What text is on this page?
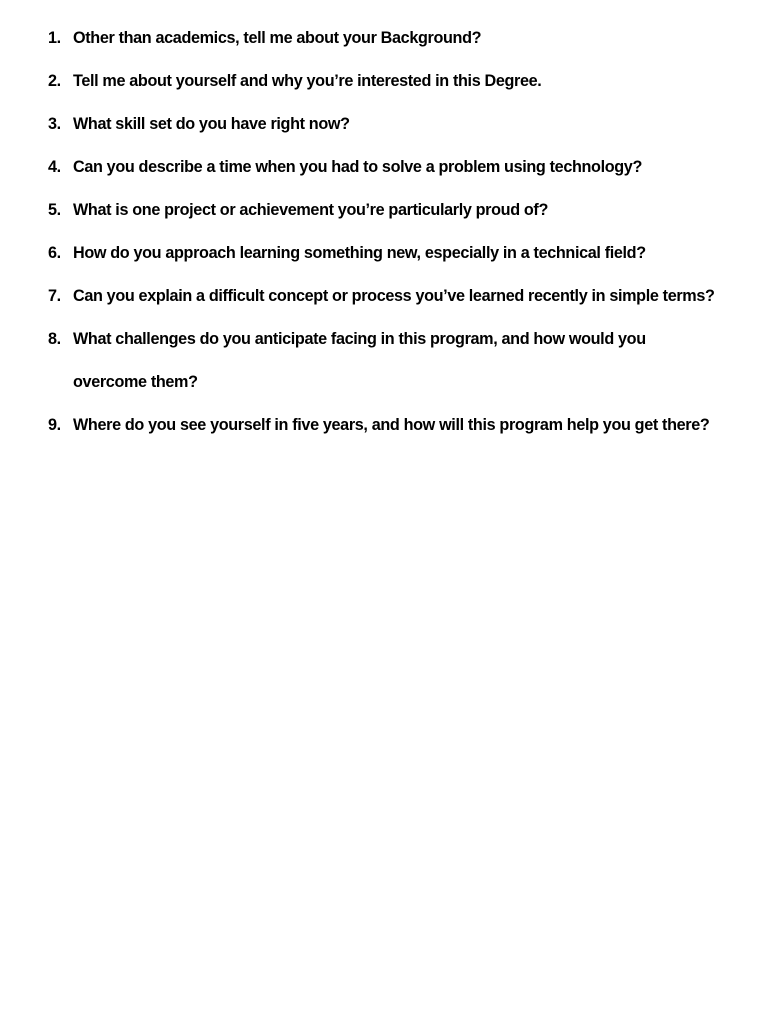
1. Other than academics, tell me about your Background?
2. Tell me about yourself and why you’re interested in this Degree.
3. What skill set do you have right now?
4. Can you describe a time when you had to solve a problem using technology?
5. What is one project or achievement you’re particularly proud of?
6. How do you approach learning something new, especially in a technical field?
7. Can you explain a difficult concept or process you’ve learned recently in simple terms?
8. What challenges do you anticipate facing in this program, and how would you
overcome them?
9. Where do you see yourself in five years, and how will this program help you get there?
